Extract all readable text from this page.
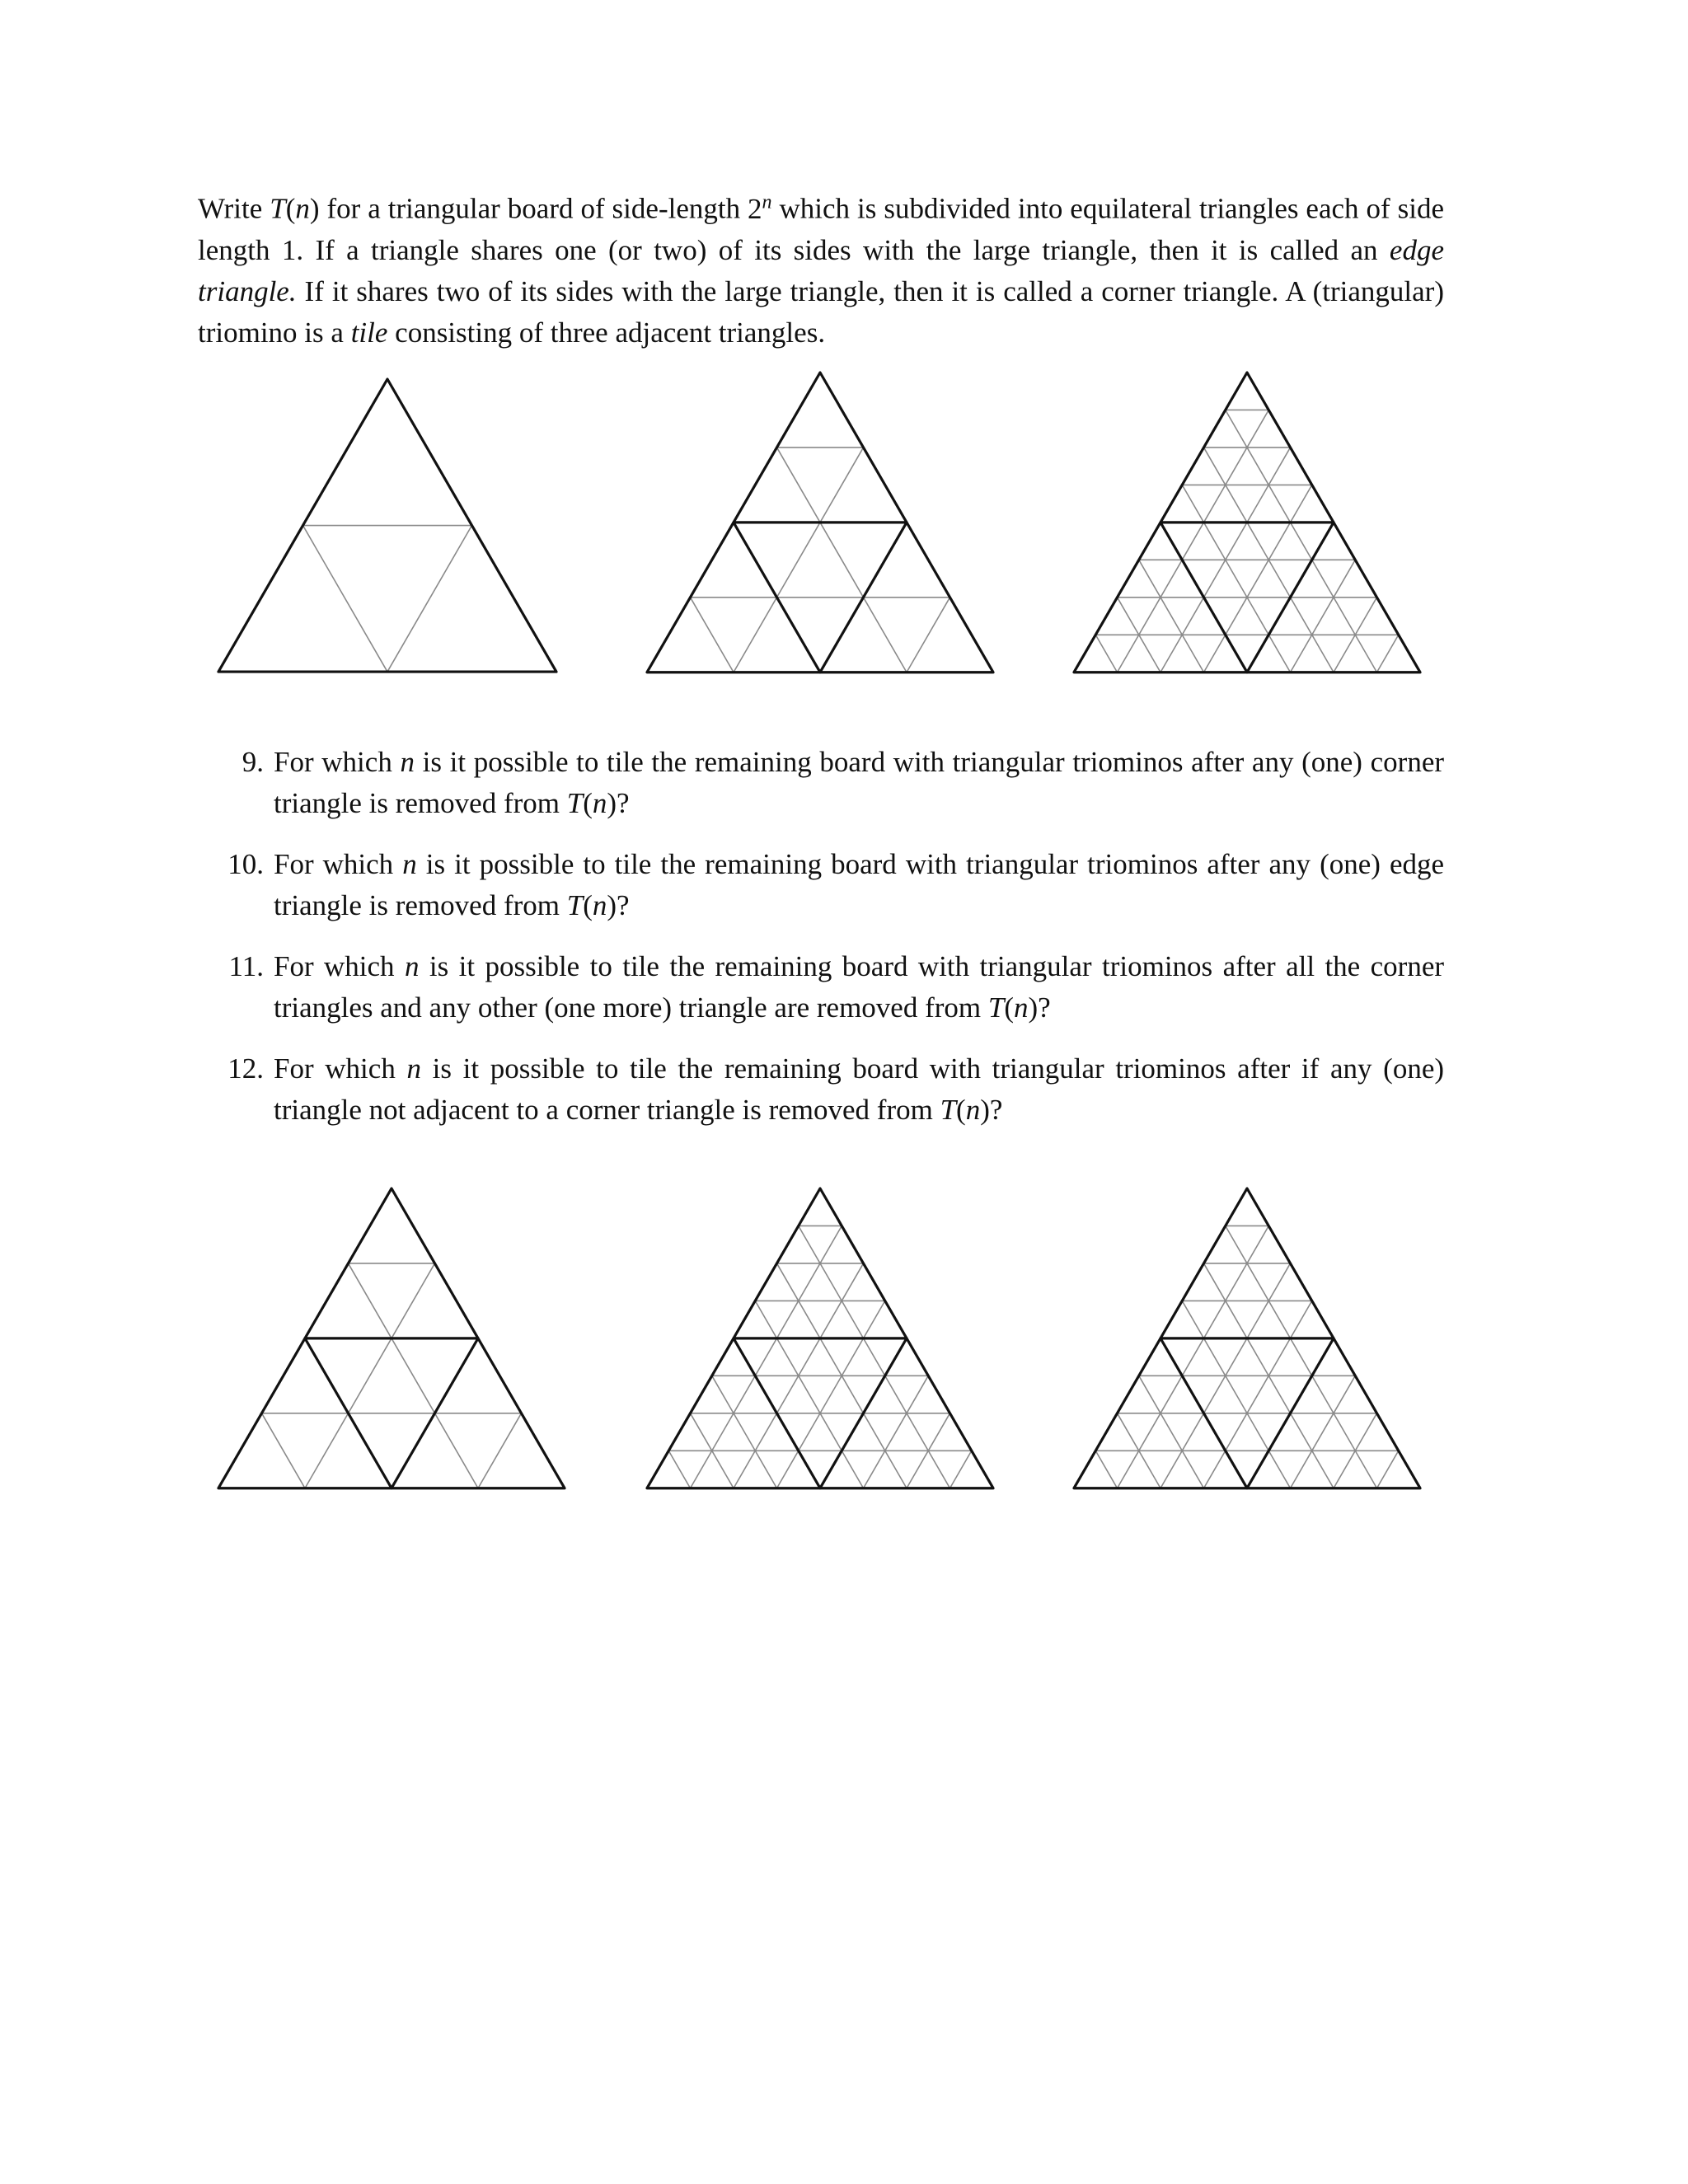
Write T(n) for a triangular board of side-length 2$^n$ which is subdivided into equilateral triangles each of side length 1. If a triangle shares one (or two) of its sides with the large triangle, then it is called an edge triangle. If it shares two of its sides with the large triangle, then it is called a corner triangle. A (triangular) triomino is a tile consisting of three adjacent triangles.
9. For which n is it possible to tile the remaining board with triangular triominos after any (one) corner triangle is removed from T(n)?
10. For which n is it possible to tile the remaining board with triangular triominos after any (one) edge triangle is removed from T(n)?
11. For which n is it possible to tile the remaining board with triangular triominos after all the corner triangles and any other (one more) triangle are removed from T(n)?
12. For which n is it possible to tile the remaining board with triangular triominos after if any (one) triangle not adjacent to a corner triangle is removed from T(n)?
